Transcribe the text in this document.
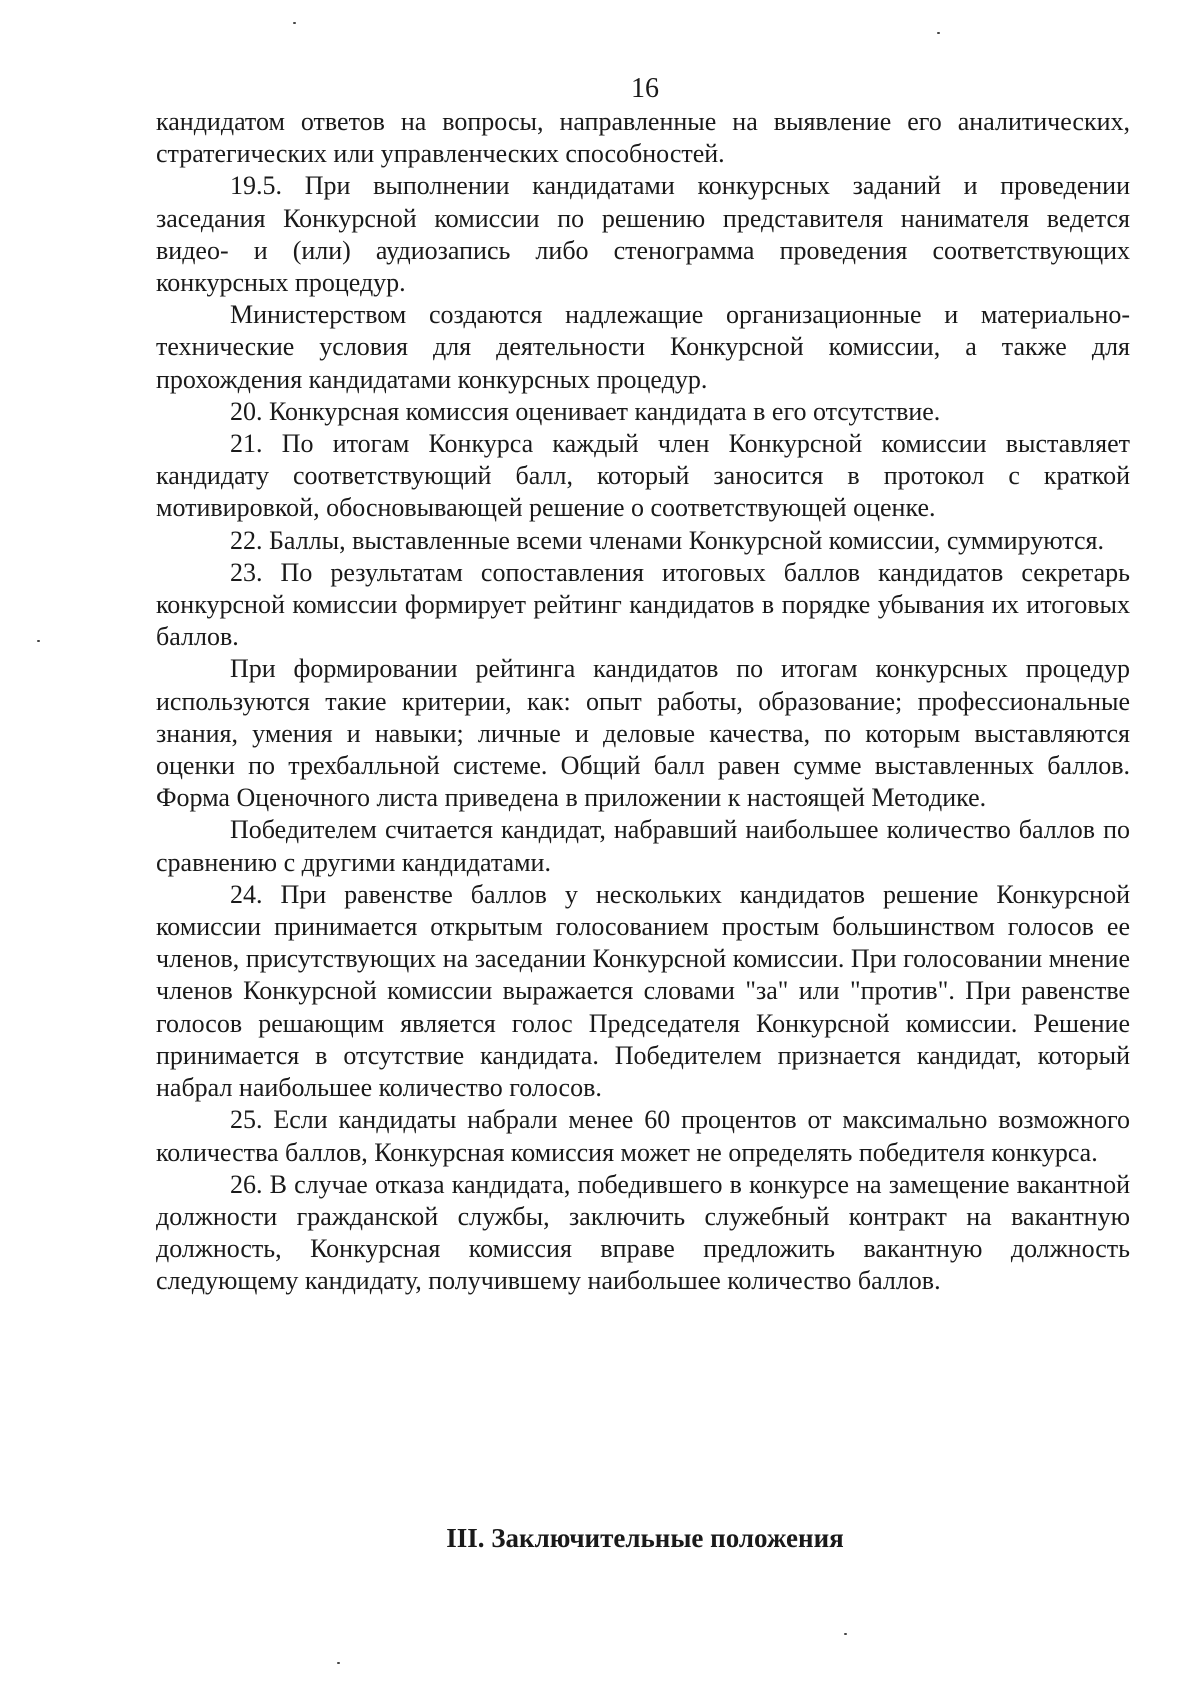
16

кандидатом ответов на вопросы, направленные на выявление его аналитических, стратегических или управленческих способностей.

19.5. При выполнении кандидатами конкурсных заданий и проведении заседания Конкурсной комиссии по решению представителя нанимателя ведется видео- и (или) аудиозапись либо стенограмма проведения соответствующих конкурсных процедур.

Министерством создаются надлежащие организационные и материально-технические условия для деятельности Конкурсной комиссии, а также для прохождения кандидатами конкурсных процедур.

20. Конкурсная комиссия оценивает кандидата в его отсутствие.

21. По итогам Конкурса каждый член Конкурсной комиссии выставляет кандидату соответствующий балл, который заносится в протокол с краткой мотивировкой, обосновывающей решение о соответствующей оценке.

22. Баллы, выставленные всеми членами Конкурсной комиссии, суммируются.

23. По результатам сопоставления итоговых баллов кандидатов секретарь конкурсной комиссии формирует рейтинг кандидатов в порядке убывания их итоговых баллов.

При формировании рейтинга кандидатов по итогам конкурсных процедур используются такие критерии, как: опыт работы, образование; профессиональные знания, умения и навыки; личные и деловые качества, по которым выставляются оценки по трехбалльной системе. Общий балл равен сумме выставленных баллов. Форма Оценочного листа приведена в приложении к настоящей Методике.

Победителем считается кандидат, набравший наибольшее количество баллов по сравнению с другими кандидатами.

24. При равенстве баллов у нескольких кандидатов решение Конкурсной комиссии принимается открытым голосованием простым большинством голосов ее членов, присутствующих на заседании Конкурсной комиссии. При голосовании мнение членов Конкурсной комиссии выражается словами "за" или "против". При равенстве голосов решающим является голос Председателя Конкурсной комиссии. Решение принимается в отсутствие кандидата. Победителем признается кандидат, который набрал наибольшее количество голосов.

25. Если кандидаты набрали менее 60 процентов от максимально возможного количества баллов, Конкурсная комиссия может не определять победителя конкурса.

26. В случае отказа кандидата, победившего в конкурсе на замещение вакантной должности гражданской службы, заключить служебный контракт на вакантную должность, Конкурсная комиссия вправе предложить вакантную должность следующему кандидату, получившему наибольшее количество баллов.

III. Заключительные положения
